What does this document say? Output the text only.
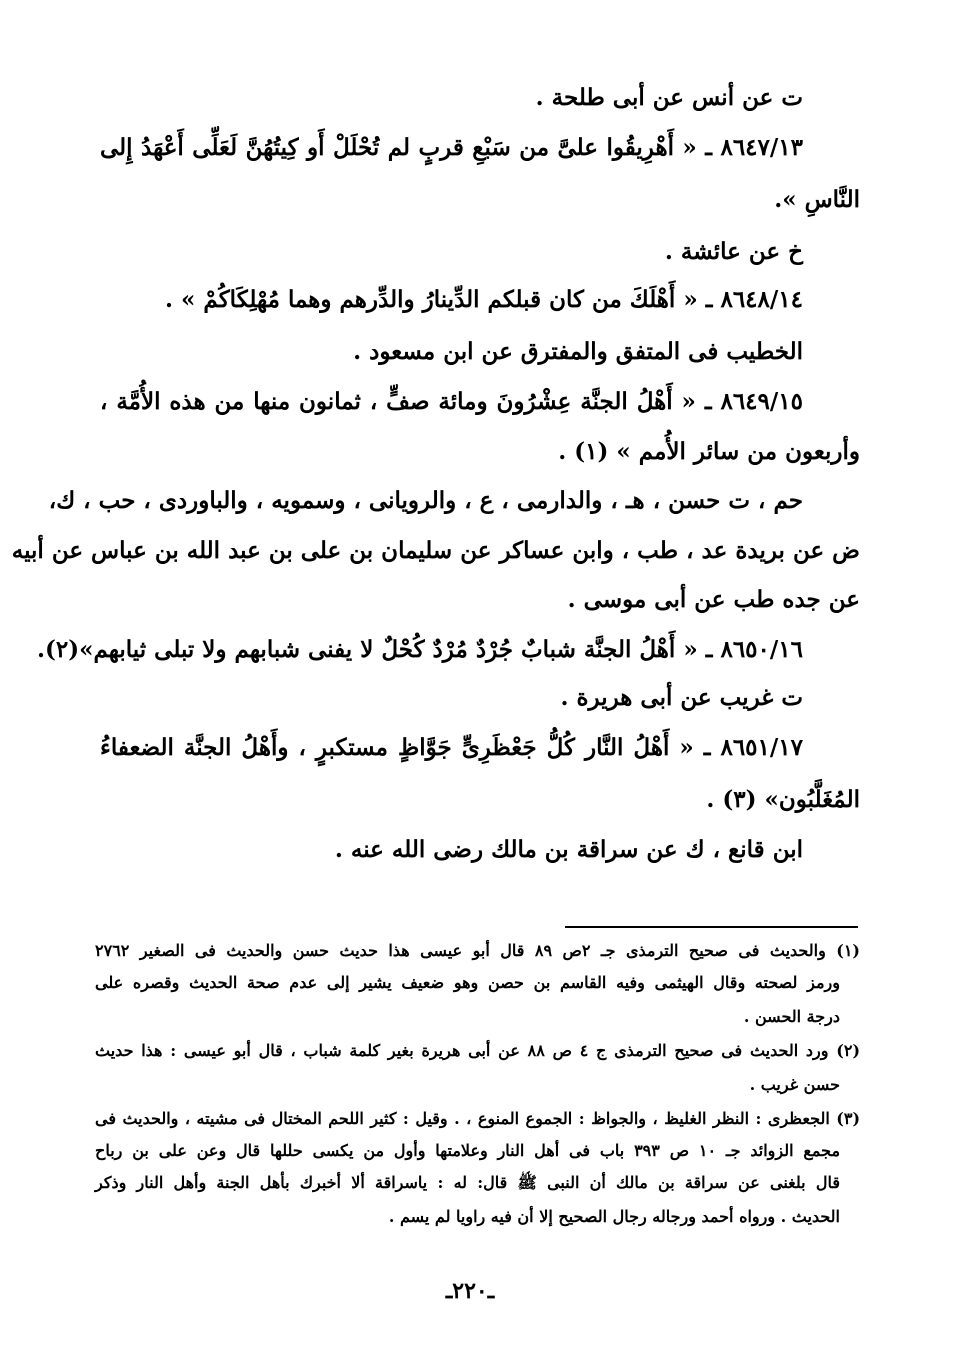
ت عن أنس عن أبى طلحة .
٨٦٤٧/١٣ ـ « أَهْرِيقُوا علىَّ من سَبْعِ قربٍ لم تُحْلَلْ أَو كِيتُهُنَّ لَعَلِّى أَعْهَدُ إِلى
النَّاسِ ».
خ عن عائشة .
٨٦٤٨/١٤ ـ « أَهْلَكَ من كان قبلكم الدِّينارُ والدِّرهم وهما مُهْلِكَاكُمْ » .
الخطيب فى المتفق والمفترق عن ابن مسعود .
٨٦٤٩/١٥ ـ « أَهْلُ الجنَّة عِشْرُونَ ومائة صفٍّ ، ثمانون منها من هذه الأُمَّة ،
وأربعون من سائر الأُمم » (١) .
حم ، ت حسن ، هـ ، والدارمى ، ع ، والرويانى ، وسمويه ، والباوردى ، حب ، ك،
ض عن بريدة عد ، طب ، وابن عساكر عن سليمان بن على بن عبد الله بن عباس عن أبيه
عن جده طب عن أبى موسى .
٨٦٥٠/١٦ ـ « أَهْلُ الجنَّة شبابٌ جُرْدٌ مُرْدٌ كُحْلٌ لا يفنى شبابهم ولا تبلى ثيابهم»(٢).
ت غريب عن أبى هريرة .
٨٦٥١/١٧ ـ « أَهْلُ النَّار كُلُّ جَعْظَرِىٍّ جَوَّاظٍ مستكبرٍ ، وأَهْلُ الجنَّة الضعفاءُ
المُغَلَّبُون» (٣) .
ابن قانع ، ك عن سراقة بن مالك رضى الله عنه .
(١) والحديث فى صحيح الترمذى جـ ٢ص ٨٩ قال أبو عيسى هذا حديث حسن والحديث فى الصغير ٢٧٦٢
ورمز لصحته وقال الهيثمى وفيه القاسم بن حصن وهو ضعيف يشير إلى عدم صحة الحديث وقصره على
درجة الحسن .
(٢) ورد الحديث فى صحيح الترمذى ج ٤ ص ٨٨ عن أبى هريرة بغير كلمة شباب ، قال أبو عيسى : هذا حديث
حسن غريب .
(٣) الجعظرى : النظر الغليظ ، والجواظ : الجموع المنوع ، . وقيل : كثير اللحم المختال فى مشيته ، والحديث فى
مجمع الزوائد جـ ١٠ ص ٣٩٣ باب فى أهل النار وعلامتها وأول من يكسى حللها قال وعن على بن رباح
قال بلغنى عن سراقة بن مالك أن النبى ﷺ قال: له : ياسراقة ألا أخبرك بأهل الجنة وأهل النار وذكر
الحديث . ورواه أحمد ورجاله رجال الصحيح إلا أن فيه راويا لم يسم .
ـ٢٢٠ـ
